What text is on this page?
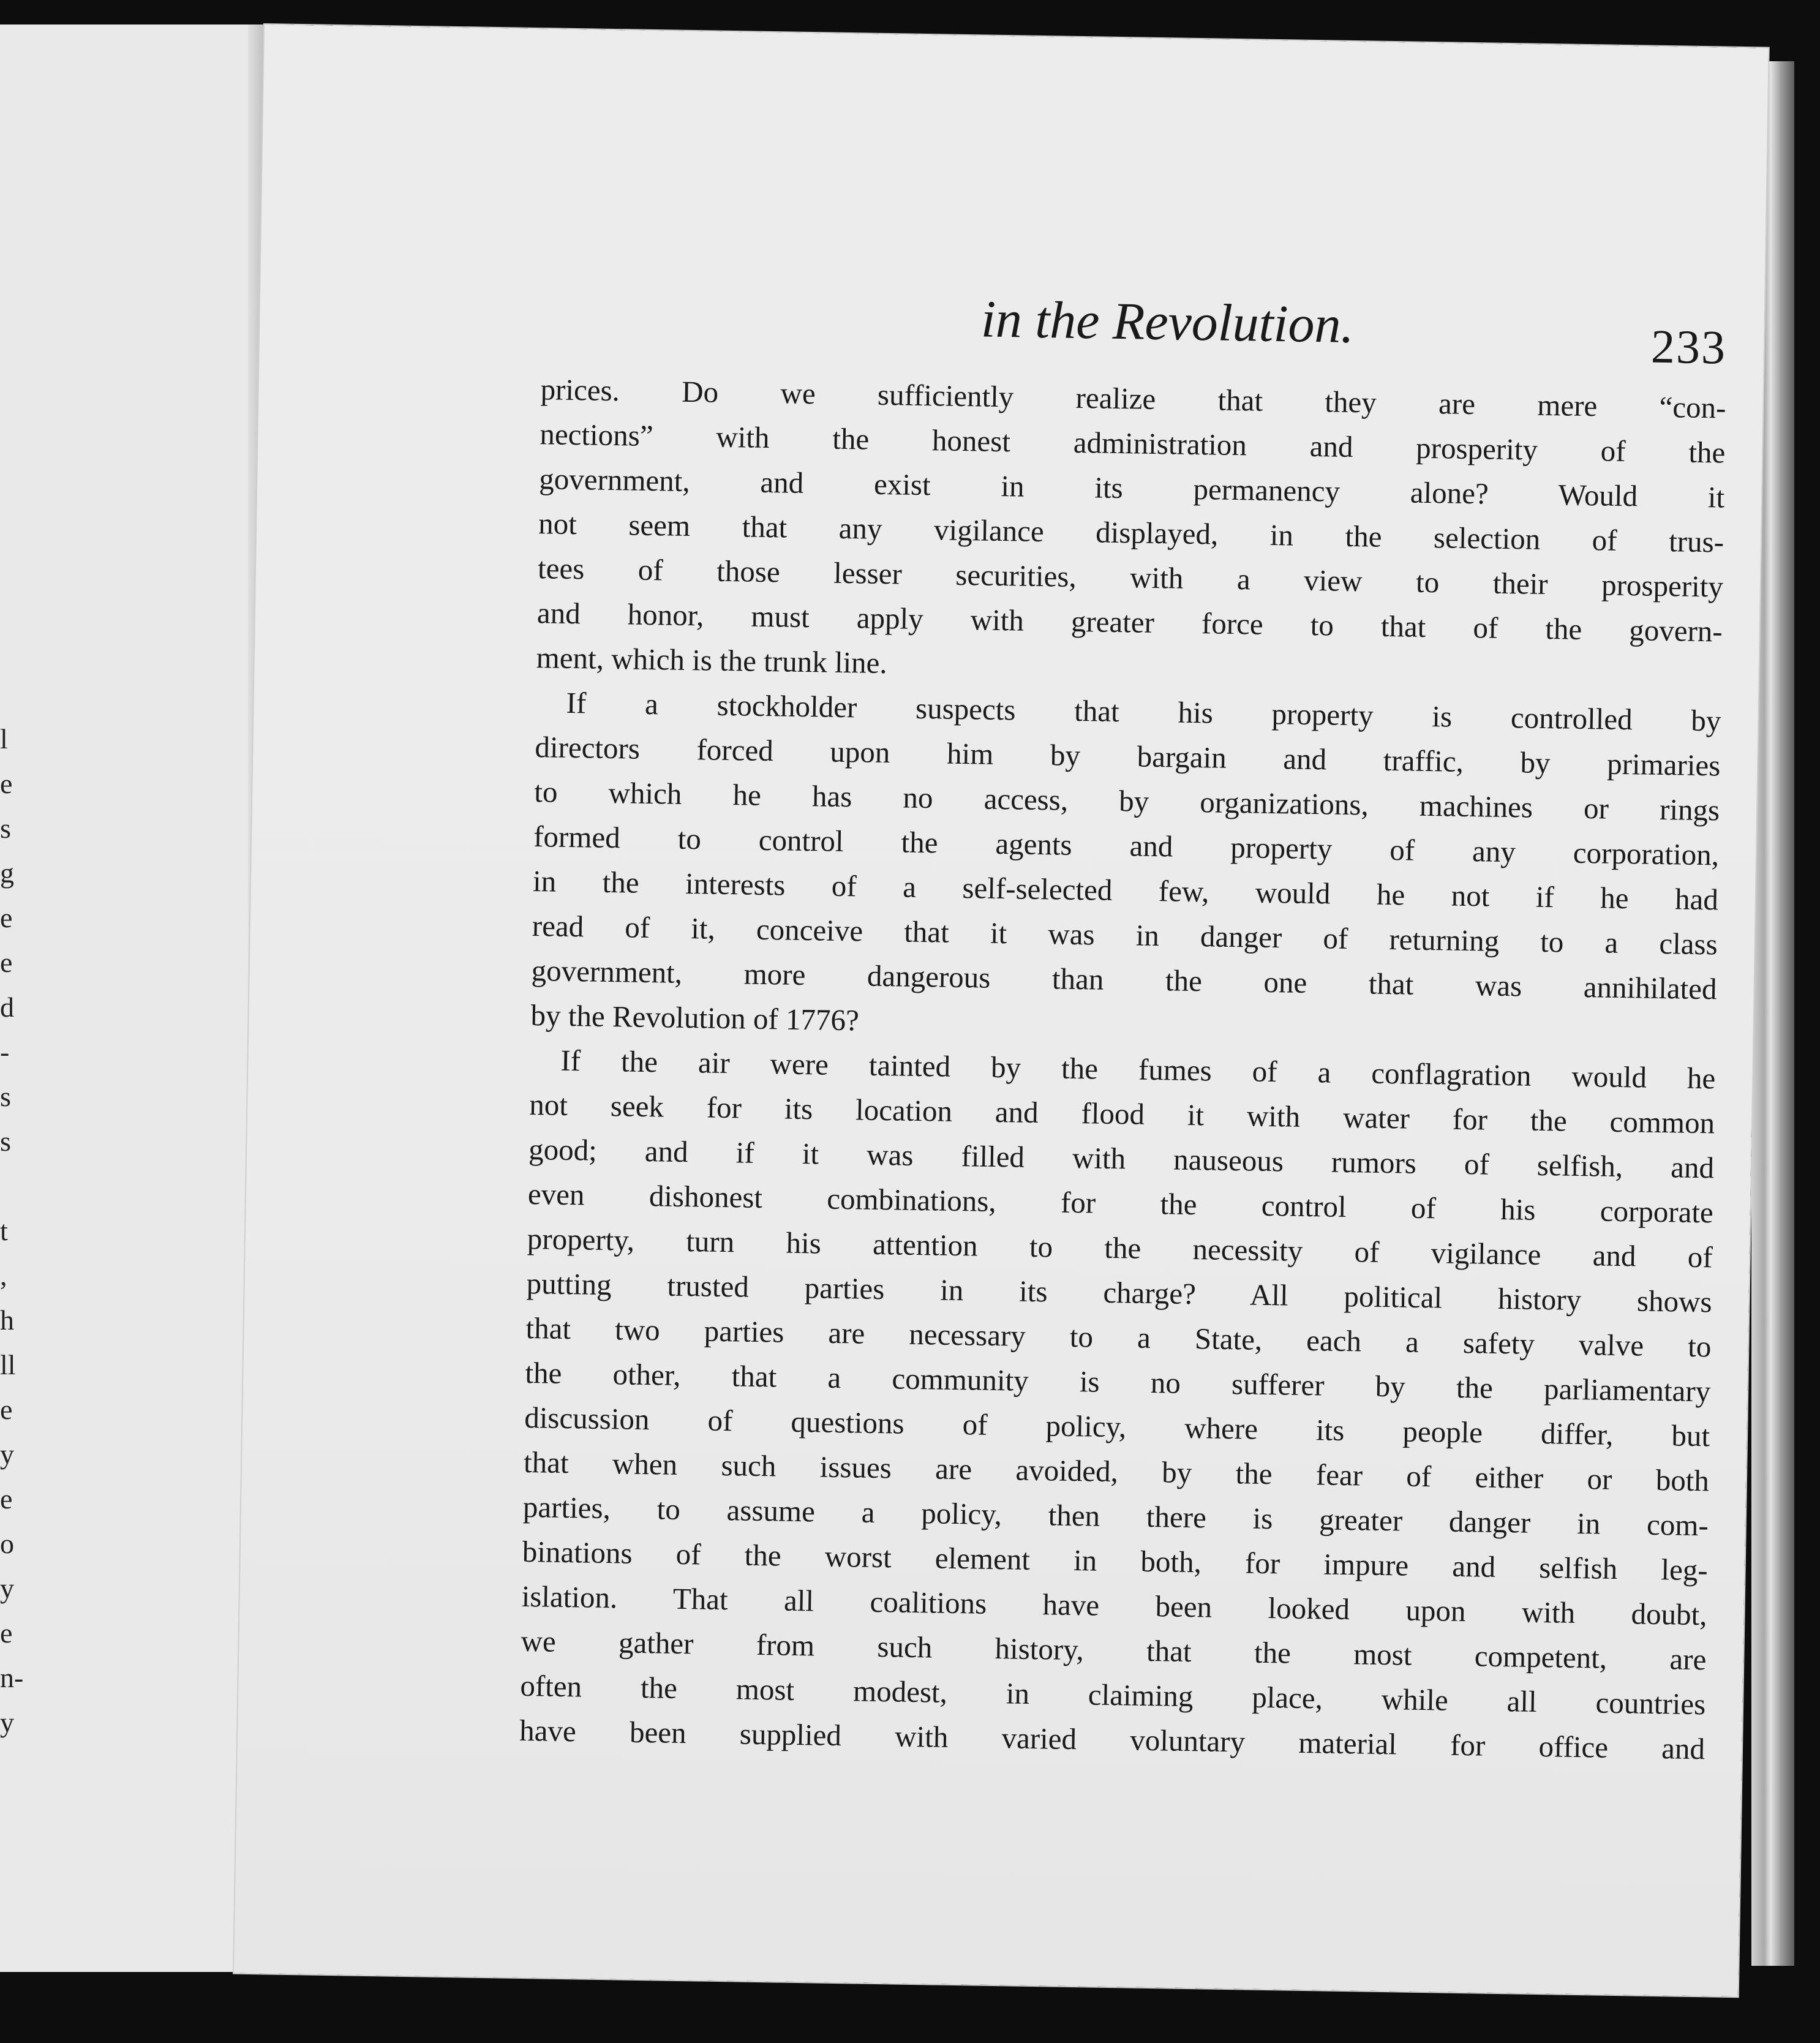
l
e
s
g
e
e
d
-
s
s

t
,
h
ll
e
y
e
o
y
e
n-
y
in the Revolution.	233
prices. Do we sufficiently realize that they are mere “con-
nections” with the honest administration and prosperity of the
government, and exist in its permanency alone? Would it
not seem that any vigilance displayed, in the selection of trus-
tees of those lesser securities, with a view to their prosperity
and honor, must apply with greater force to that of the govern-
ment, which is the trunk line.
If a stockholder suspects that his property is controlled by
directors forced upon him by bargain and traffic, by primaries
to which he has no access, by organizations, machines or rings
formed to control the agents and property of any corporation,
in the interests of a self-selected few, would he not if he had
read of it, conceive that it was in danger of returning to a class
government, more dangerous than the one that was annihilated
by the Revolution of 1776?
If the air were tainted by the fumes of a conflagration would he
not seek for its location and flood it with water for the common
good; and if it was filled with nauseous rumors of selfish, and
even dishonest combinations, for the control of his corporate
property, turn his attention to the necessity of vigilance and of
putting trusted parties in its charge? All political history shows
that two parties are necessary to a State, each a safety valve to
the other, that a community is no sufferer by the parliamentary
discussion of questions of policy, where its people differ, but
that when such issues are avoided, by the fear of either or both
parties, to assume a policy, then there is greater danger in com-
binations of the worst element in both, for impure and selfish leg-
islation. That all coalitions have been looked upon with doubt,
we gather from such history, that the most competent, are
often the most modest, in claiming place, while all countries
have been supplied with varied voluntary material for office and
